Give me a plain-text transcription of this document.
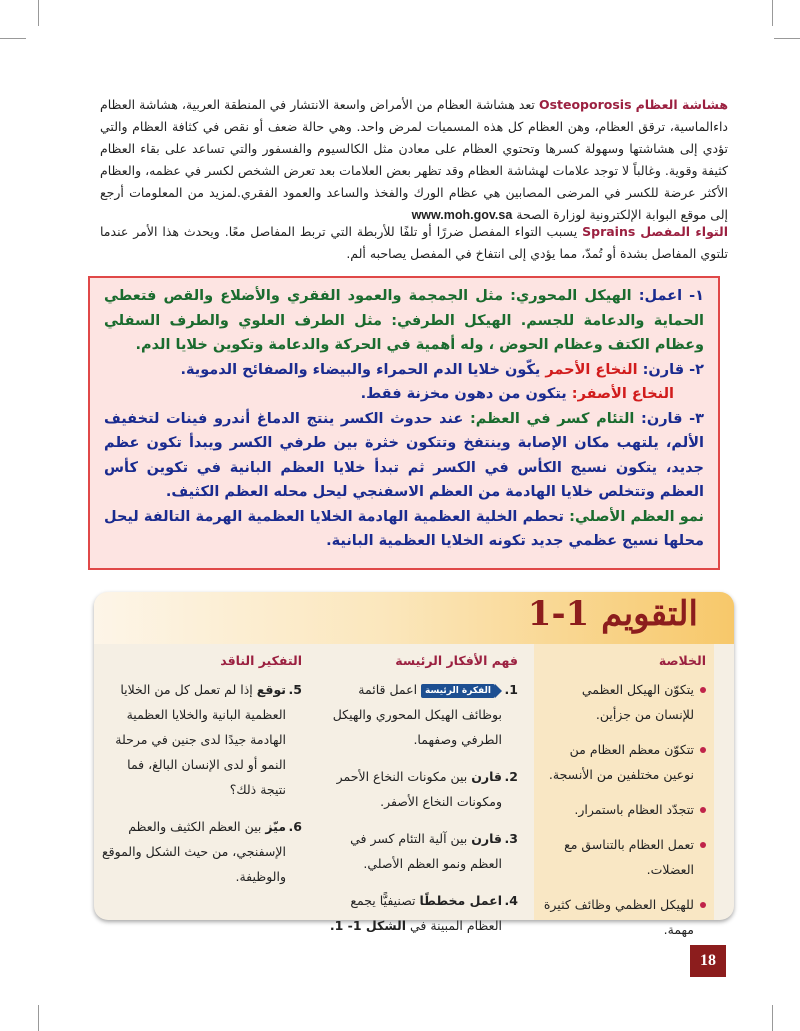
هشاشة العظام Osteoporosis تعد هشاشة العظام من الأمراض واسعة الانتشار في المنطقة العربية، هشاشة العظام داءالماسية، ترقق العظام، وهن العظام كل هذه المسميات لمرض واحد. وهي حالة ضعف أو نقص في كثافة العظام والتي تؤدي إلى هشاشتها وسهولة كسرها وتحتوي العظام على معادن مثل الكالسيوم والفسفور والتي تساعد على بقاء العظام كثيفة وقوية. وغالباً لا توجد علامات لهشاشة العظام وقد تظهر بعض العلامات بعد تعرض الشخص لكسر في عظمه، والعظام الأكثر عرضة للكسر في المرضى المصابين هي عظام الورك والفخذ والساعد والعمود الفقري.لمزيد من المعلومات أرجع إلى موقع البوابة الإلكترونية لوزارة الصحة www.moh.gov.sa

التواء المفصل Sprains يسبب التواء المفصل ضررًا أو تلفًا للأربطة التي تربط المفاصل معًا. ويحدث هذا الأمر عندما تلتوي المفاصل بشدة أو تُمدّ، مما يؤدي إلى انتفاخ في المفصل يصاحبه ألم.

١- اعمل: الهيكل المحوري: مثل الجمجمة والعمود الفقري والأضلاع والقص فتعطي الحماية والدعامة للجسم. الهيكل الطرفي: مثل الطرف العلوي والطرف السفلي وعظام الكتف وعظام الحوض ، وله أهمية في الحركة والدعامة وتكوين خلايا الدم.
٢- قارن: النخاع الأحمر يكّون خلايا الدم الحمراء والبيضاء والصفائح الدموية.
النخاع الأصفر: يتكون من دهون مخزنة فقط.
٣- قارن: التئام كسر في العظم: عند حدوث الكسر ينتج الدماغ أندرو فينات لتخفيف الألم، يلتهب مكان الإصابة وينتفخ وتتكون خثرة بين طرفي الكسر ويبدأ تكون عظم جديد، يتكون نسيج الكأس في الكسر ثم تبدأ خلايا العظم البانية في تكوين كأس العظم وتتخلص خلايا الهادمة من العظم الاسفنجي ليحل محله العظم الكثيف.
نمو العظم الأصلي: تحطم الخلية العظمية الهادمة الخلايا العظمية الهرمة التالفة ليحل محلها نسيج عظمي جديد تكونه الخلايا العظمية البانية.
التقويم 1-1
الخلاصة
يتكوّن الهيكل العظمي للإنسان من جزأين.
تتكوّن معظم العظام من نوعين مختلفين من الأنسجة.
تتجدّد العظام باستمرار.
تعمل العظام بالتناسق مع العضلات.
للهيكل العظمي وظائف كثيرة مهمة.
فهم الأفكار الرئيسة
1.
الفكرة الرئيسة
اعمل قائمة بوظائف الهيكل المحوري والهيكل الطرفي وصفهما.
2.
قارن بين مكونات النخاع الأحمر ومكونات النخاع الأصفر.
3.
قارن بين آلية التئام كسر في العظم ونمو العظم الأصلي.
4.
اعمل مخططًا تصنيفيًّا يجمع العظام المبينة في الشكل 1- 1.
التفكير الناقد
5.
توقع إذا لم تعمل كل من الخلايا العظمية البانية والخلايا العظمية الهادمة جيدًا لدى جنين في مرحلة النمو أو لدى الإنسان البالغ، فما نتيجة ذلك؟
6.
ميّز بين العظم الكثيف والعظم الإسفنجي، من حيث الشكل والموقع والوظيفة.
18
